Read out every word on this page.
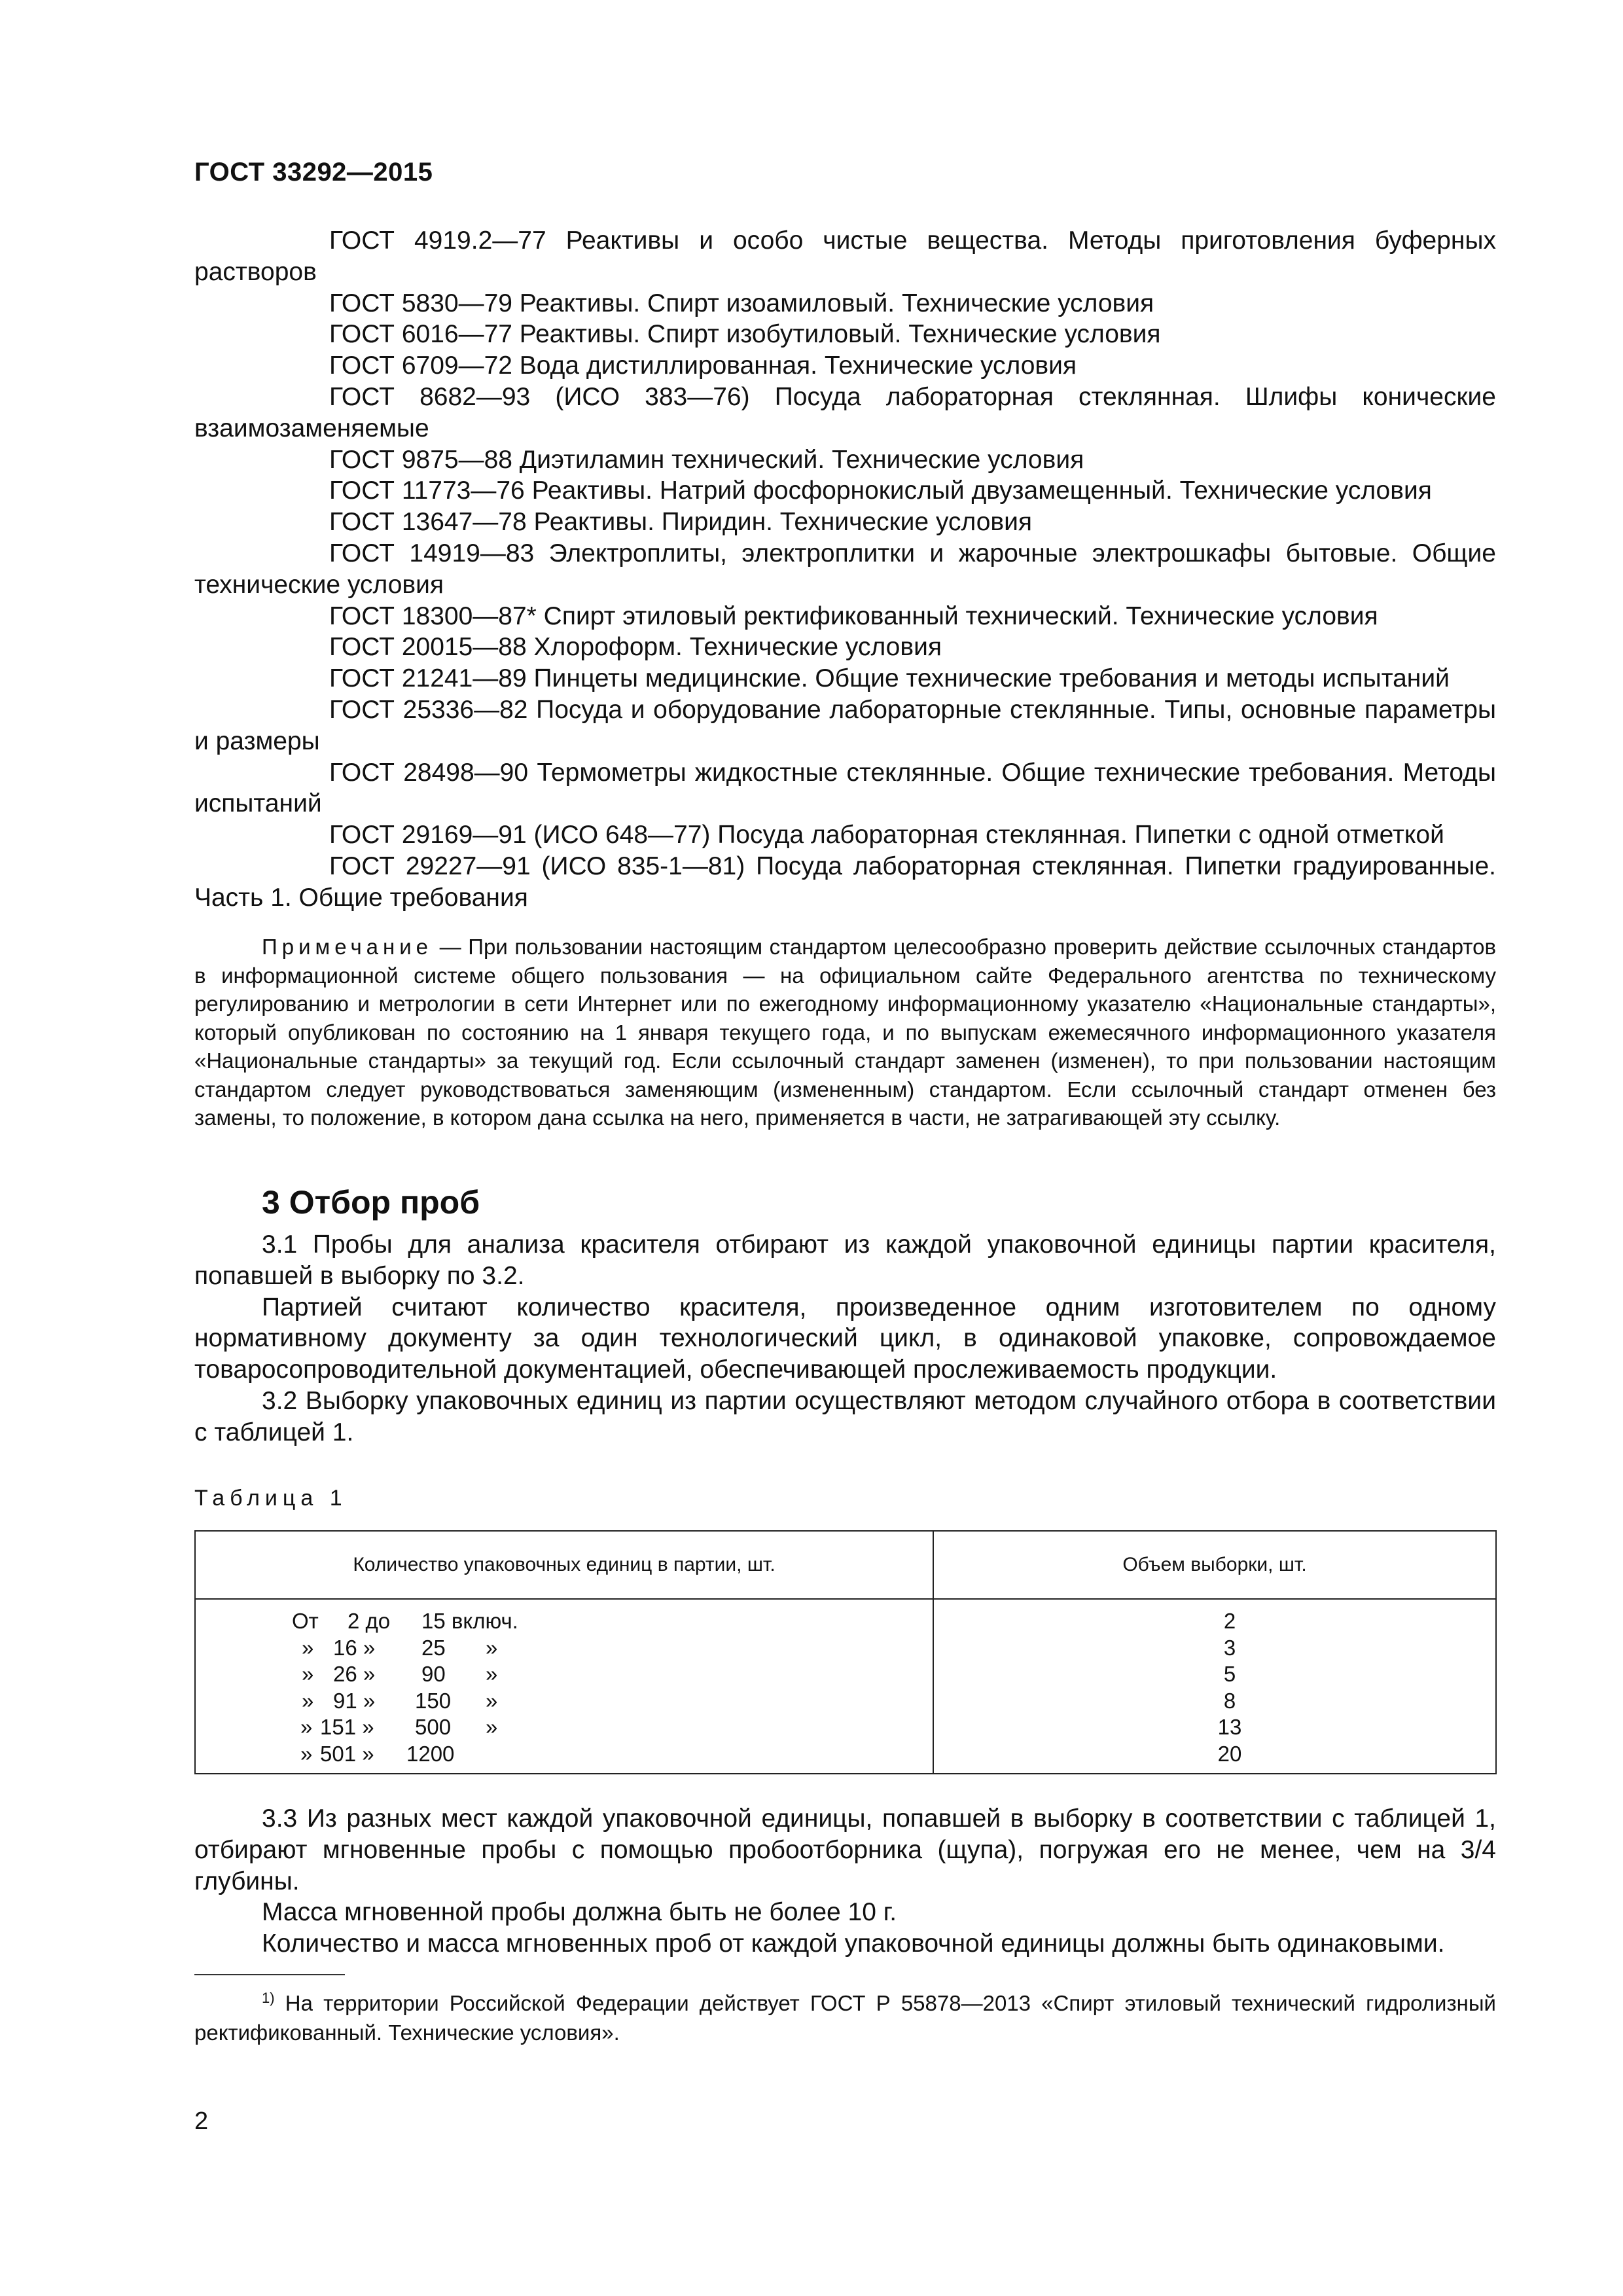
ГОСТ 33292—2015

ГОСТ 4919.2—77 Реактивы и особо чистые вещества. Методы приготовления буферных растворов

ГОСТ 5830—79 Реактивы. Спирт изоамиловый. Технические условия

ГОСТ 6016—77 Реактивы. Спирт изобутиловый. Технические условия

ГОСТ 6709—72 Вода дистиллированная. Технические условия

ГОСТ 8682—93 (ИСО 383—76) Посуда лабораторная стеклянная. Шлифы конические взаимозаменяемые

ГОСТ 9875—88 Диэтиламин технический. Технические условия

ГОСТ 11773—76 Реактивы. Натрий фосфорнокислый двузамещенный. Технические условия

ГОСТ 13647—78 Реактивы. Пиридин. Технические условия

ГОСТ 14919—83 Электроплиты, электроплитки и жарочные электрошкафы бытовые. Общие технические условия

ГОСТ 18300—87* Спирт этиловый ректификованный технический. Технические условия

ГОСТ 20015—88 Хлороформ. Технические условия

ГОСТ 21241—89 Пинцеты медицинские. Общие технические требования и методы испытаний

ГОСТ 25336—82 Посуда и оборудование лабораторные стеклянные. Типы, основные параметры и размеры

ГОСТ 28498—90 Термометры жидкостные стеклянные. Общие технические требования. Методы испытаний

ГОСТ 29169—91 (ИСО 648—77) Посуда лабораторная стеклянная. Пипетки с одной отметкой

ГОСТ 29227—91 (ИСО 835-1—81) Посуда лабораторная стеклянная. Пипетки градуированные. Часть 1. Общие требования

Примечание — При пользовании настоящим стандартом целесообразно проверить действие ссылочных стандартов в информационной системе общего пользования — на официальном сайте Федерального агентства по техническому регулированию и метрологии в сети Интернет или по ежегодному информационному указателю «Национальные стандарты», который опубликован по состоянию на 1 января текущего года, и по выпускам ежемесячного информационного указателя «Национальные стандарты» за текущий год. Если ссылочный стандарт заменен (изменен), то при пользовании настоящим стандартом следует руководствоваться заменяющим (измененным) стандартом. Если ссылочный стандарт отменен без замены, то положение, в котором дана ссылка на него, применяется в части, не затрагивающей эту ссылку.

3 Отбор проб

3.1 Пробы для анализа красителя отбирают из каждой упаковочной единицы партии красителя, попавшей в выборку по 3.2.

Партией считают количество красителя, произведенное одним изготовителем по одному нормативному документу за один технологический цикл, в одинаковой упаковке, сопровождаемое товаросопроводительной документацией, обеспечивающей прослеживаемость продукции.

3.2 Выборку упаковочных единиц из партии осуществляют методом случайного отбора в соответствии с таблицей 1.

Таблица 1
Количество упаковочных единиц в партии, шт.	Объем выборки, шт.
От 2 до 15 включ.	2
» 16 » 25 »	3
» 26 » 90 »	5
» 91 » 150 »	8
» 151 » 500 »	13
» 501 » 1200	20

3.3 Из разных мест каждой упаковочной единицы, попавшей в выборку в соответствии с таблицей 1, отбирают мгновенные пробы с помощью пробоотборника (щупа), погружая его не менее, чем на 3/4 глубины.

Масса мгновенной пробы должна быть не более 10 г.

Количество и масса мгновенных проб от каждой упаковочной единицы должны быть одинаковыми.

$^{1)}$ На территории Российской Федерации действует ГОСТ Р 55878—2013 «Спирт этиловый технический гидролизный ректификованный. Технические условия».

2
